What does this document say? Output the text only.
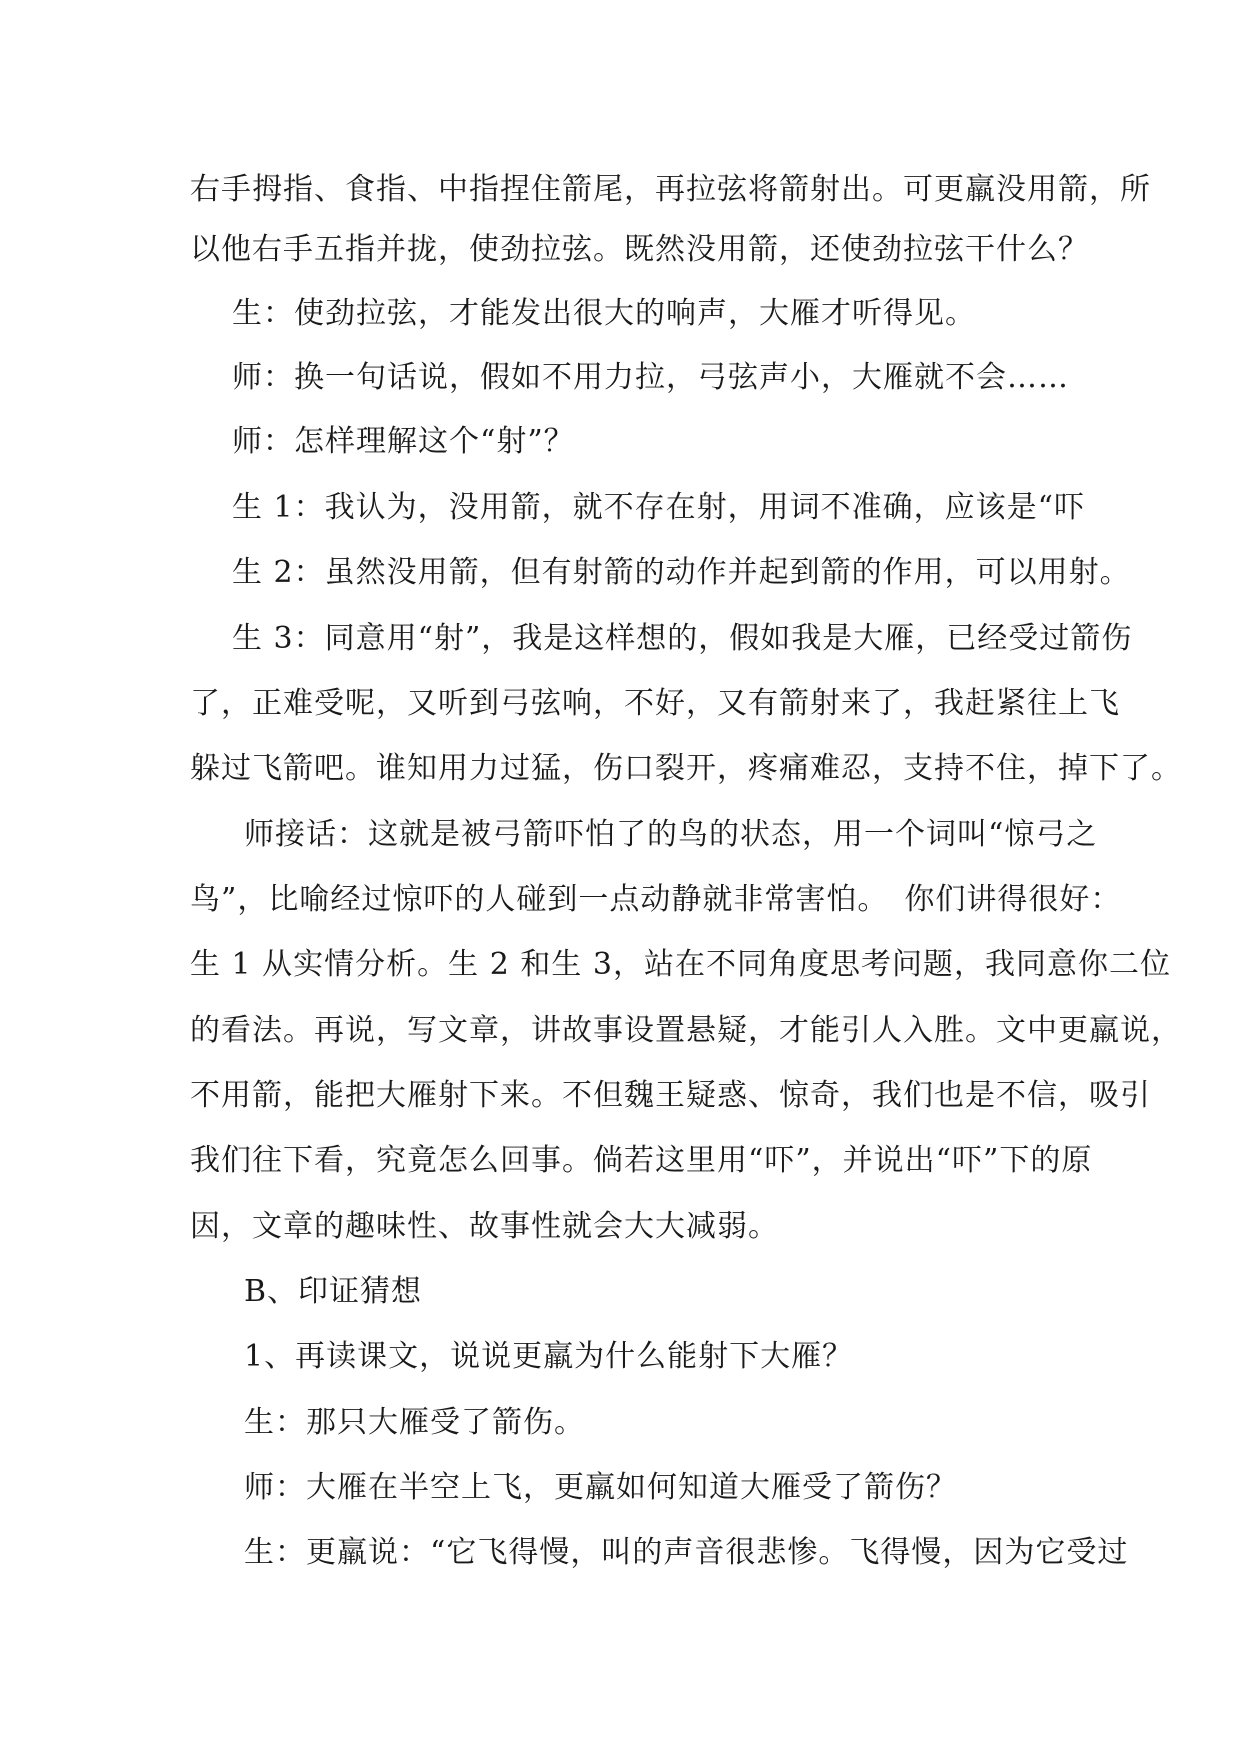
右手拇指、食指、中指捏住箭尾，再拉弦将箭射出。可更羸没用箭，所
以他右手五指并拢，使劲拉弦。既然没用箭，还使劲拉弦干什么？
生：使劲拉弦，才能发出很大的响声，大雁才听得见。
师：换一句话说，假如不用力拉，弓弦声小，大雁就不会……
师：怎样理解这个“射”？
生 1：我认为，没用箭，就不存在射，用词不准确，应该是“吓
生 2：虽然没用箭，但有射箭的动作并起到箭的作用，可以用射。
生 3：同意用“射”，我是这样想的，假如我是大雁，已经受过箭伤
了，正难受呢，又听到弓弦响，不好，又有箭射来了，我赶紧往上飞
躲过飞箭吧。谁知用力过猛，伤口裂开，疼痛难忍，支持不住，掉下了。
师接话：这就是被弓箭吓怕了的鸟的状态，用一个词叫“惊弓之
鸟”，比喻经过惊吓的人碰到一点动静就非常害怕。　你们讲得很好：
生 1 从实情分析。生 2 和生 3，站在不同角度思考问题，我同意你二位
的看法。再说，写文章，讲故事设置悬疑，才能引人入胜。文中更羸说，
不用箭，能把大雁射下来。不但魏王疑惑、惊奇，我们也是不信，吸引
我们往下看，究竟怎么回事。倘若这里用“吓”，并说出“吓”下的原
因，文章的趣味性、故事性就会大大减弱。
B、印证猜想
1、再读课文，说说更羸为什么能射下大雁？
生：那只大雁受了箭伤。
师：大雁在半空上飞，更羸如何知道大雁受了箭伤？
生：更羸说：“它飞得慢，叫的声音很悲惨。飞得慢，因为它受过
